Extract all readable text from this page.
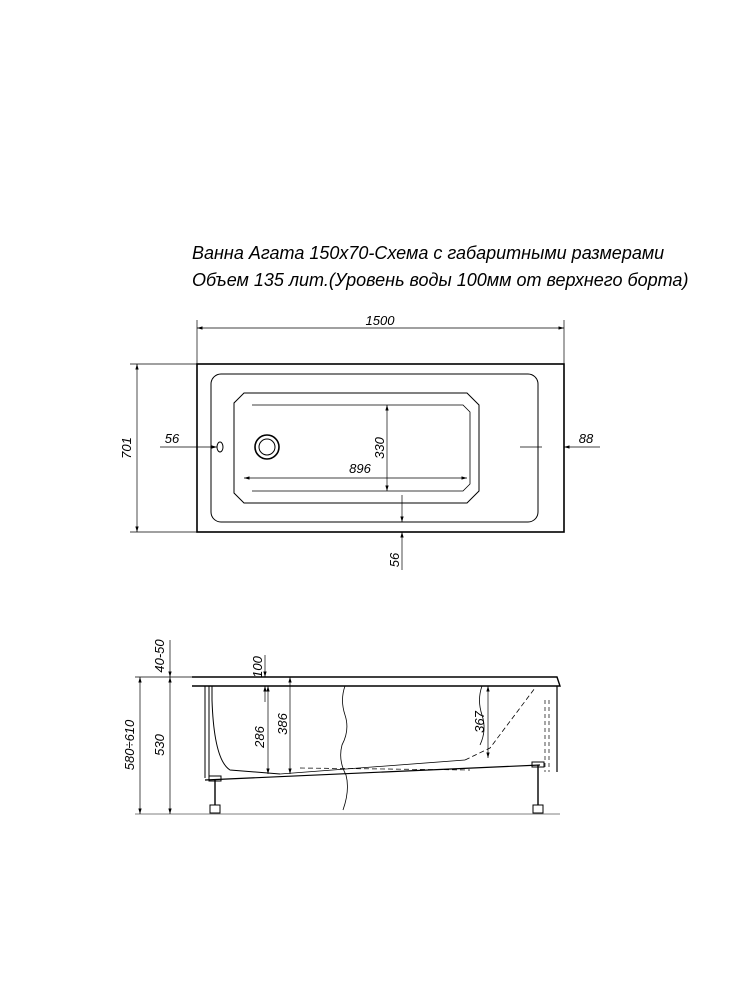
Ванна Агата 150х70-Схема с габаритными размерами
Объем 135 лит.(Уровень воды 100мм от верхнего борта)
1500
701 56	88
896
330
56
580÷610 530
40-50	100
286
386	367
